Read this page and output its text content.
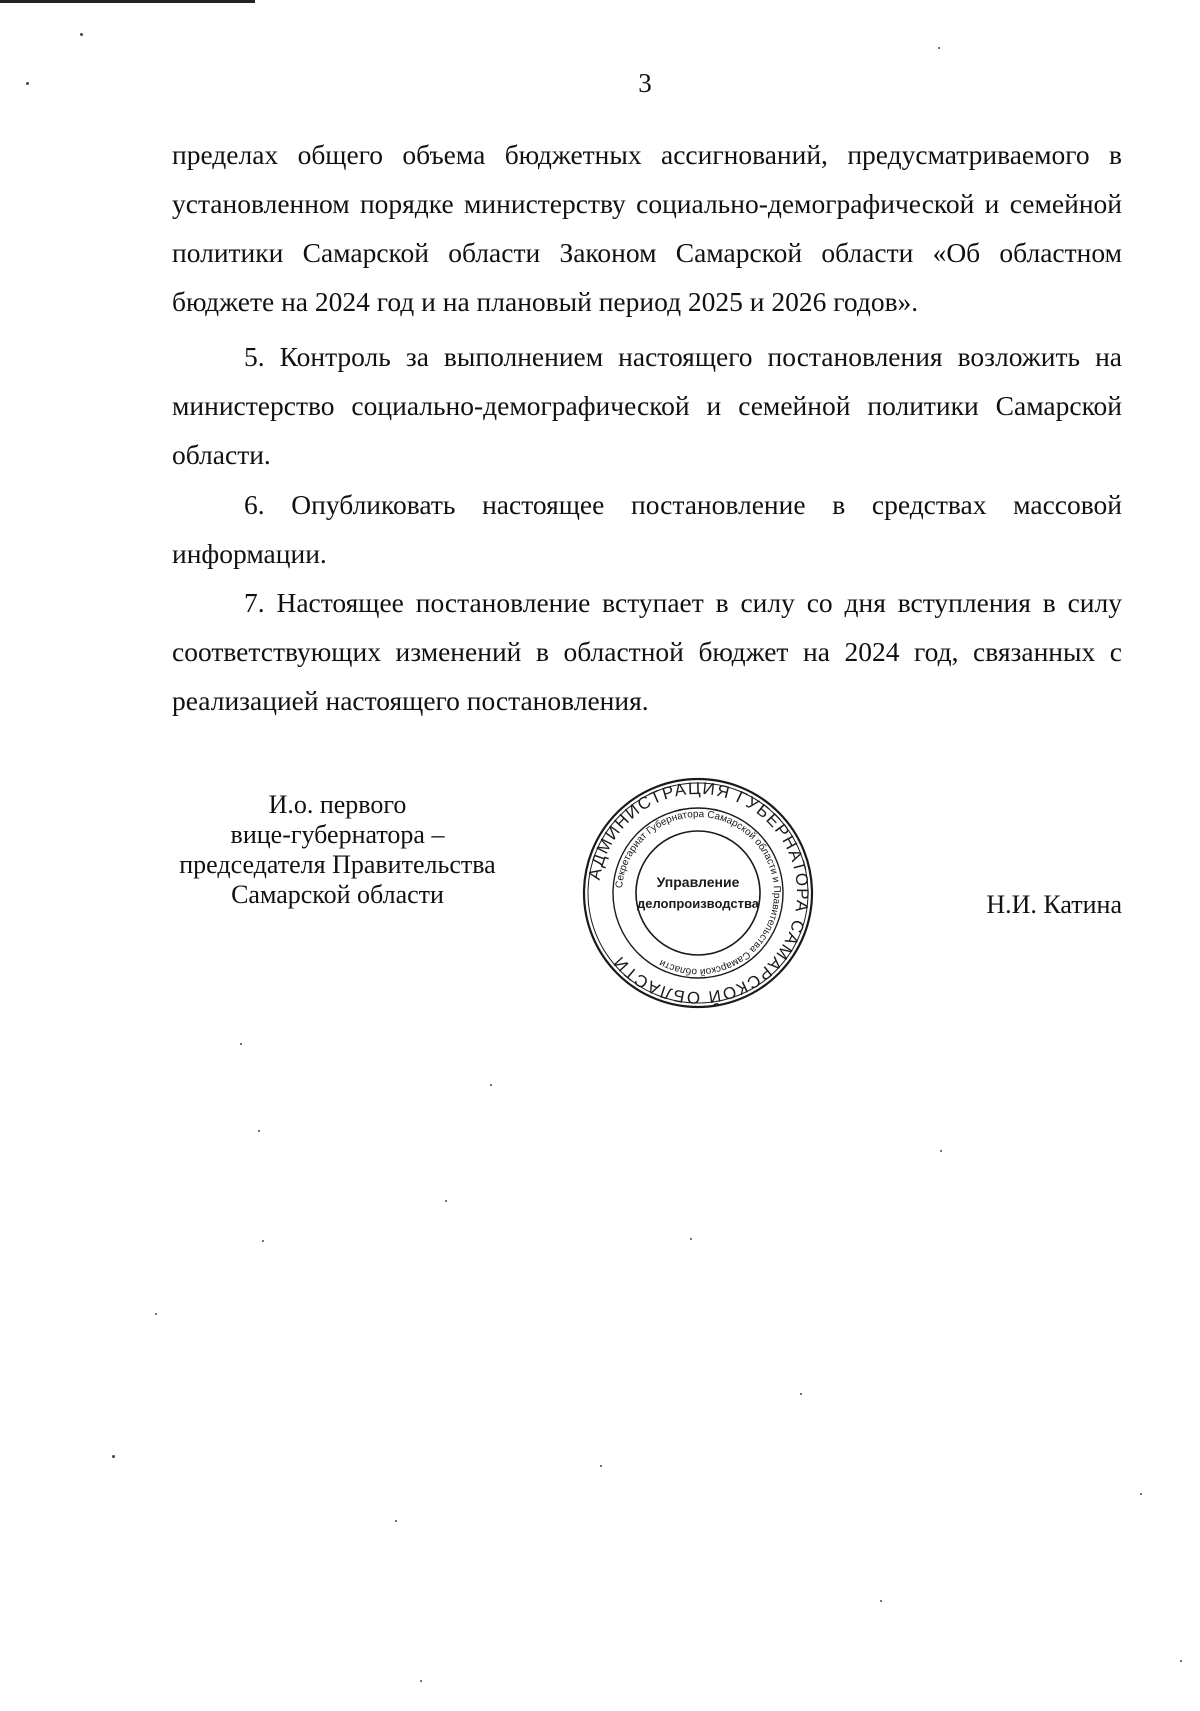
3

пределах общего объема бюджетных ассигнований, предусматриваемого в установленном порядке министерству социально-демографической и семейной политики Самарской области Законом Самарской области «Об областном бюджете на 2024 год и на плановый период 2025 и 2026 годов».

5. Контроль за выполнением настоящего постановления возложить на министерство социально-демографической и семейной политики Самарской области.

6. Опубликовать настоящее постановление в средствах массовой информации.

7. Настоящее постановление вступает в силу со дня вступления в силу соответствующих изменений в областной бюджет на 2024 год, связанных с реализацией настоящего постановления.

И.о. первого
вице-губернатора –
председателя Правительства
Самарской области
АДМИНИСТРАЦИЯ ГУБЕРНАТОРА САМАРСКОЙ ОБЛАСТИ
Секретариат Губернатора Самарской области и Правительства Самарской области
Управление
делопроизводства	Н.И. Катина
